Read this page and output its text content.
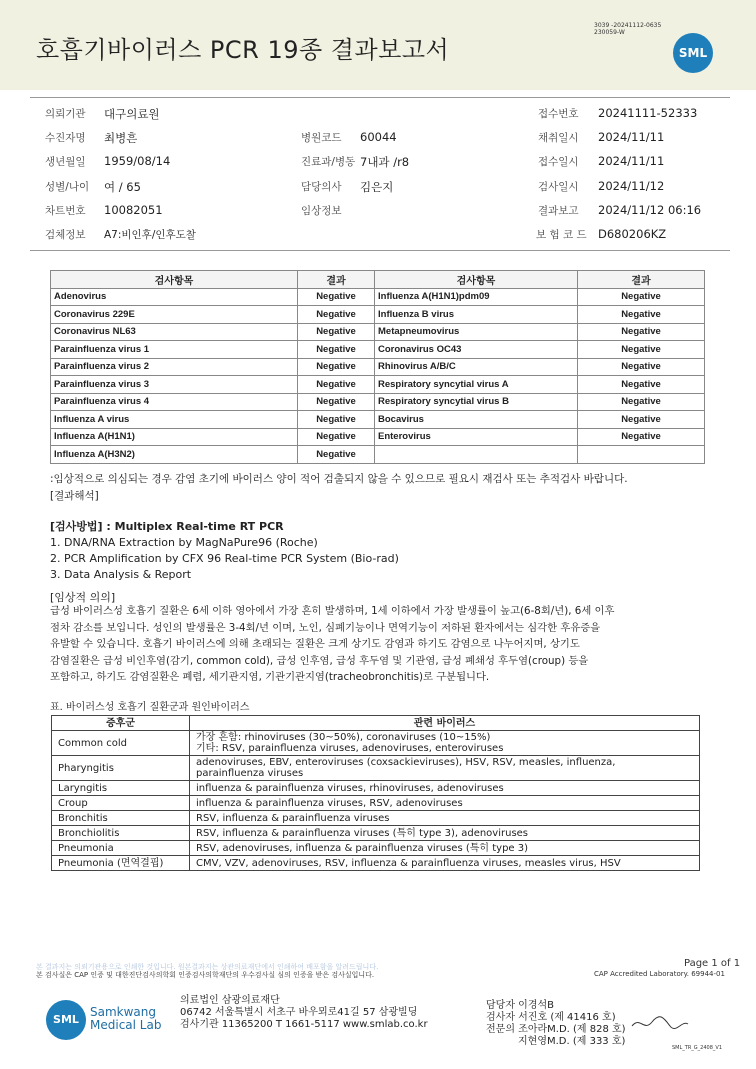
호흡기바이러스 PCR 19종 결과보고서
3039 -20241112-0635
230059-W
SML
의뢰기관 대구의료원	접수번호 20241111-52333
수진자명 최병흔	병원코드 60044	채취일시 2024/11/11
생년월일 1959/08/14	진료과/병동 7내과 /r8	접수일시 2024/11/11
성별/나이 여 / 65	담당의사 김은지	검사일시 2024/11/12
차트번호 10082051	임상정보	결과보고 2024/11/12 06:16
검체정보 A7:비인후/인후도찰	보 험 코 드 D680206KZ
검사항목	결과	검사항목	결과
Adenovirus	Negative	Influenza A(H1N1)pdm09	Negative
Coronavirus 229E	Negative	Influenza B virus	Negative
Coronavirus NL63	Negative	Metapneumovirus	Negative
Parainfluenza virus 1	Negative	Coronavirus OC43	Negative
Parainfluenza virus 2	Negative	Rhinovirus A/B/C	Negative
Parainfluenza virus 3	Negative	Respiratory syncytial virus A	Negative
Parainfluenza virus 4	Negative	Respiratory syncytial virus B	Negative
Influenza A virus	Negative	Bocavirus	Negative
Influenza A(H1N1)	Negative	Enterovirus	Negative
Influenza A(H3N2)	Negative		
:임상적으로 의심되는 경우 감염 초기에 바이러스 양이 적어 검출되지 않을 수 있으므로 필요시 재검사 또는 추적검사 바랍니다.
[결과해석]
[검사방법] : Multiplex Real-time RT PCR
1. DNA/RNA Extraction by MagNaPure96 (Roche)
2. PCR Amplification by CFX 96 Real-time PCR System (Bio-rad)
3. Data Analysis & Report
[임상적 의의]
급성 바이러스성 호흡기 질환은 6세 이하 영아에서 가장 흔히 발생하며, 1세 이하에서 가장 발생률이 높고(6-8회/년), 6세 이후
점차 감소를 보입니다. 성인의 발생률은 3-4회/년 이며, 노인, 심폐기능이나 면역기능이 저하된 환자에서는 심각한 후유증을
유발할 수 있습니다. 호흡기 바이러스에 의해 초래되는 질환은 크게 상기도 감염과 하기도 감염으로 나누어지며, 상기도
감염질환은 급성 비인후염(감기, common cold), 급성 인후염, 급성 후두염 및 기관염, 급성 폐쇄성 후두염(croup) 등을
포함하고, 하기도 감염질환은 폐렴, 세기관지염, 기관기관지염(tracheobronchitis)로 구분됩니다.
표. 바이러스성 호흡기 질환군과 원인바이러스
증후군	관련 바이러스
Common cold	가장 흔함: rhinoviruses (30~50%), coronaviruses (10~15%)
기타: RSV, parainfluenza viruses, adenoviruses, enteroviruses

Pharyngitis	adenoviruses, EBV, enteroviruses (coxsackieviruses), HSV, RSV, measles, influenza,
parainfluenza viruses

Laryngitis	influenza & parainfluenza viruses, rhinoviruses, adenoviruses

Croup	influenza & parainfluenza viruses, RSV, adenoviruses

Bronchitis	RSV, influenza & parainfluenza viruses

Bronchiolitis	RSV, influenza & parainfluenza viruses (특히 type 3), adenoviruses

Pneumonia	RSV, adenoviruses, influenza & parainfluenza viruses (특히 type 3)

Pneumonia (면역결핍)	CMV, VZV, adenoviruses, RSV, influenza & parainfluenza viruses, measles virus, HSV
본 결과지는 의뢰기관용으로 인쇄한 것입니다. 원본결과지는 상관의료재단에서 인쇄하여 배포함을 알려드립니다.
본 검사실은 CAP 인증 및 대한진단검사의학회 인증검사의학재단의 우수검사실 심의 인증을 받은 검사실입니다.
Page 1 of 1
CAP Accredited Laboratory. 69944-01
SML
Samkwang
Medical Lab
의료법인 삼광의료재단
06742 서울특별시 서초구 바우뫼로41길 57 삼광빌딩
검사기관 11365200 T 1661-5117 www.smlab.co.kr
담당자 이경석B
검사자 서진호 (제 41416 호)
전문의 조아라M.D. (제 828 호)
지현영M.D. (제 333 호)
SML_TR_G_2408_V1
